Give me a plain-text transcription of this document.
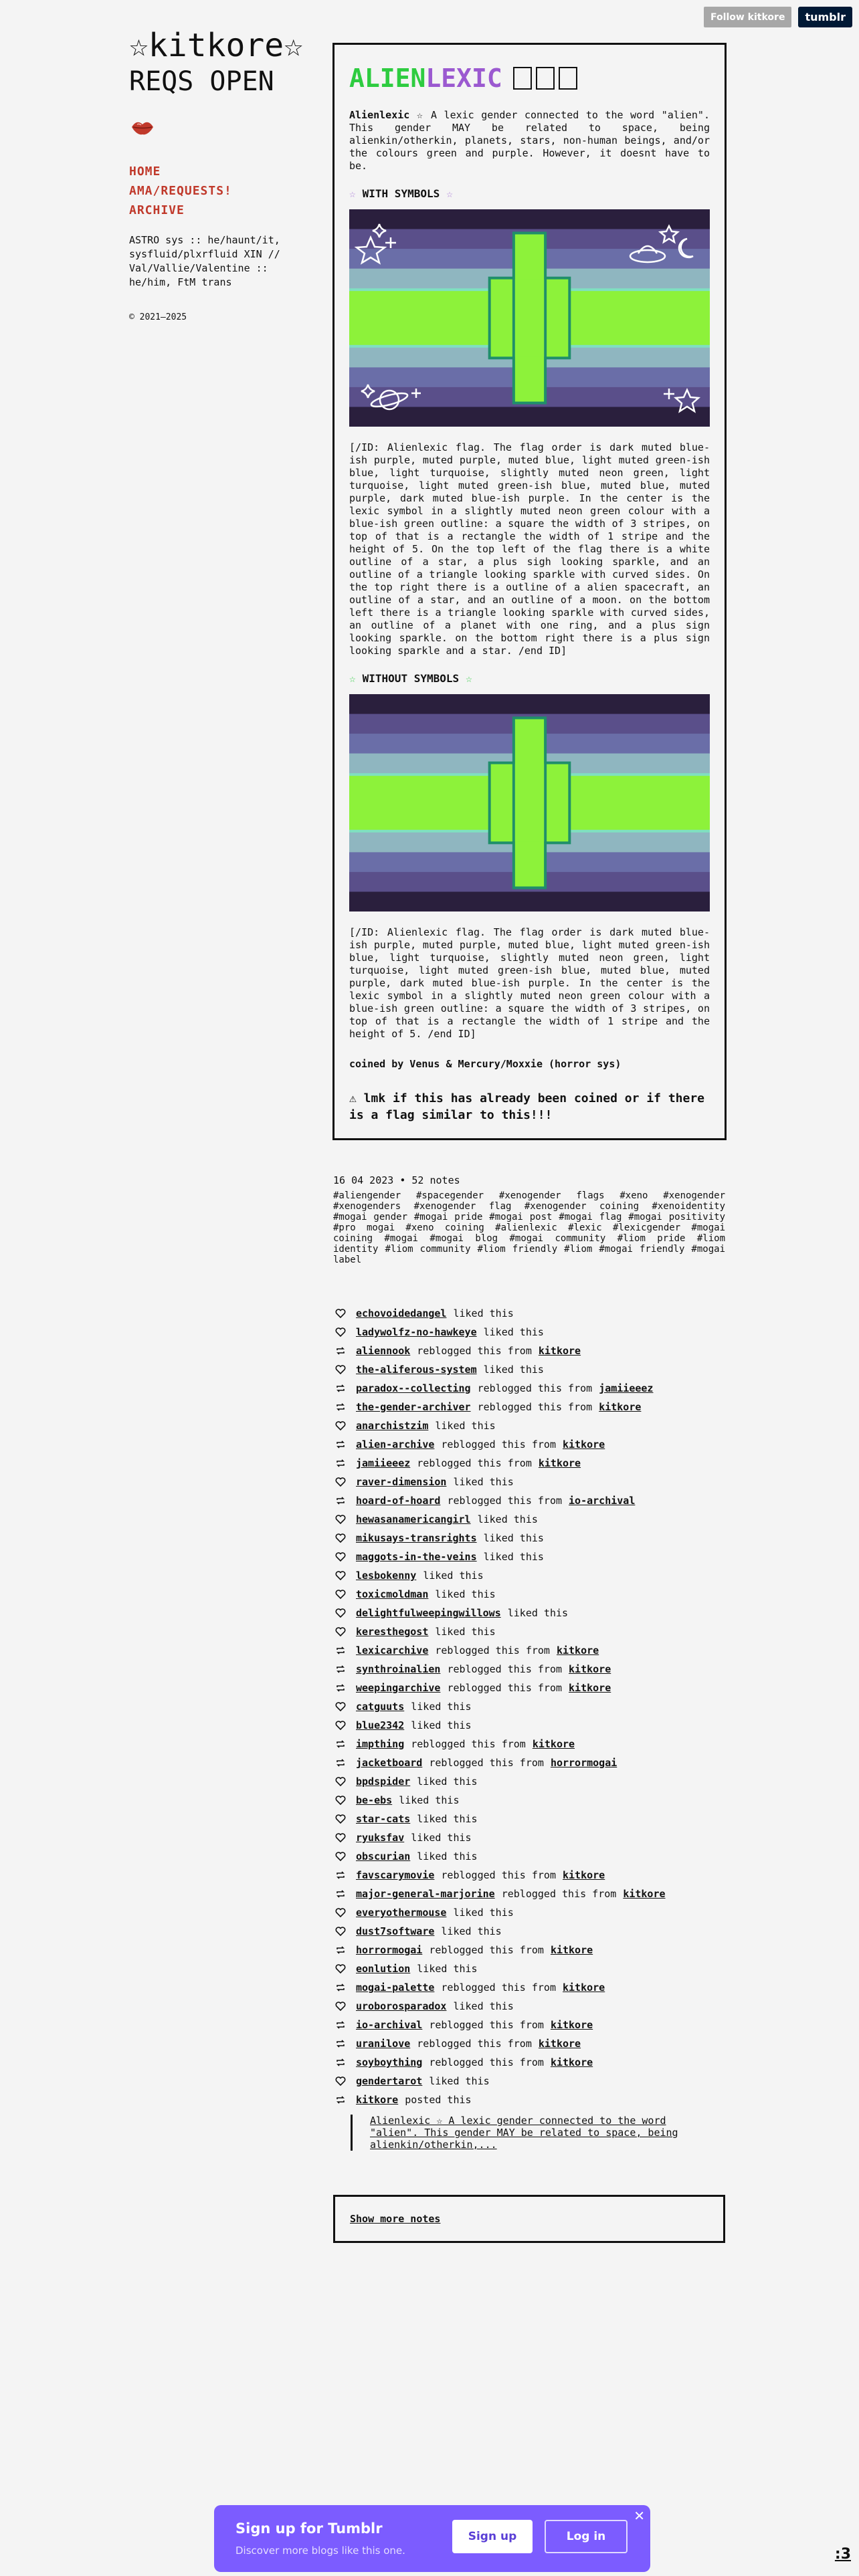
Follow kitkore	tumblr
☆kitkore☆
REQS OPEN
HOME
AMA/REQUESTS!
ARCHIVE
ASTRO sys :: he/haunt/it, sysfluid/plxrfluid XIN // Val/Vallie/Valentine :: he/him, FtM trans
© 2021–2025
ALIEN LEXIC

Alienlexic ☆ A lexic gender connected to the word "alien". This gender MAY be related to space, being alienkin/otherkin, planets, stars, non-human beings, and/or the colours green and purple. However, it doesnt have to be.

☆ WITH SYMBOLS ☆

[/ID: Alienlexic flag. The flag order is dark muted blue-ish purple, muted purple, muted blue, light muted green-ish blue, light turquoise, slightly muted neon green, light turquoise, light muted green-ish blue, muted blue, muted purple, dark muted blue-ish purple. In the center is the lexic symbol in a slightly muted neon green colour with a blue-ish green outline: a square the width of 3 stripes, on top of that is a rectangle the width of 1 stripe and the height of 5. On the top left of the flag there is a white outline of a star, a plus sigh looking sparkle, and an outline of a triangle looking sparkle with curved sides. On the top right there is a outline of a alien spacecraft, an outline of a star, and an outline of a moon. on the bottom left there is a triangle looking sparkle with curved sides, an outline of a planet with one ring, and a plus sign looking sparkle. on the bottom right there is a plus sign looking sparkle and a star. /end ID]

☆ WITHOUT SYMBOLS ☆

[/ID: Alienlexic flag. The flag order is dark muted blue-ish purple, muted purple, muted blue, light muted green-ish blue, light turquoise, slightly muted neon green, light turquoise, light muted green-ish blue, muted blue, muted purple, dark muted blue-ish purple. In the center is the lexic symbol in a slightly muted neon green colour with a blue-ish green outline: a square the width of 3 stripes, on top of that is a rectangle the width of 1 stripe and the height of 5. /end ID]

coined by Venus & Mercury/Moxxie (horror sys)
⚠ lmk if this has already been coined or if there is a flag similar to this!!!
16 04 2023 • 52 notes
#aliengender #spacegender #xenogender flags #xeno #xenogender #xenogenders #xenogender flag #xenogender coining #xenoidentity #mogai gender #mogai pride #mogai post #mogai flag #mogai positivity #pro mogai #xeno coining #alienlexic #lexic #lexicgender #mogai coining #mogai #mogai blog #mogai community #liom pride #liom identity #liom community #liom friendly #liom #mogai friendly #mogai label
echovoidedangel liked this
ladywolfz-no-hawkeye liked this
aliennook reblogged this from kitkore
the-aliferous-system liked this
paradox--collecting reblogged this from jamiieeez
the-gender-archiver reblogged this from kitkore
anarchistzim liked this
alien-archive reblogged this from kitkore
jamiieeez reblogged this from kitkore
raver-dimension liked this
hoard-of-hoard reblogged this from io-archival
hewasanamericangirl liked this
mikusays-transrights liked this
maggots-in-the-veins liked this
lesbokenny liked this
toxicmoldman liked this
delightfulweepingwillows liked this
keresthegost liked this
lexicarchive reblogged this from kitkore
synthroinalien reblogged this from kitkore
weepingarchive reblogged this from kitkore
catguuts liked this
blue2342 liked this
impthing reblogged this from kitkore
jacketboard reblogged this from horrormogai
bpdspider liked this
be-ebs liked this
star-cats liked this
ryuksfav liked this
obscurian liked this
favscarymovie reblogged this from kitkore
major-general-marjorine reblogged this from kitkore
everyothermouse liked this
dust7software liked this
horrormogai reblogged this from kitkore
eonlution liked this
mogai-palette reblogged this from kitkore
uroborosparadox liked this
io-archival reblogged this from kitkore
uranilove reblogged this from kitkore
soyboything reblogged this from kitkore
gendertarot liked this
kitkore posted this
Alienlexic ☆ A lexic gender connected to the word "alien". This gender MAY be related to space, being alienkin/otherkin,...
Show more notes
Sign up for Tumblr
Discover more blogs like this one.
Sign up	Log in
✕
:3
